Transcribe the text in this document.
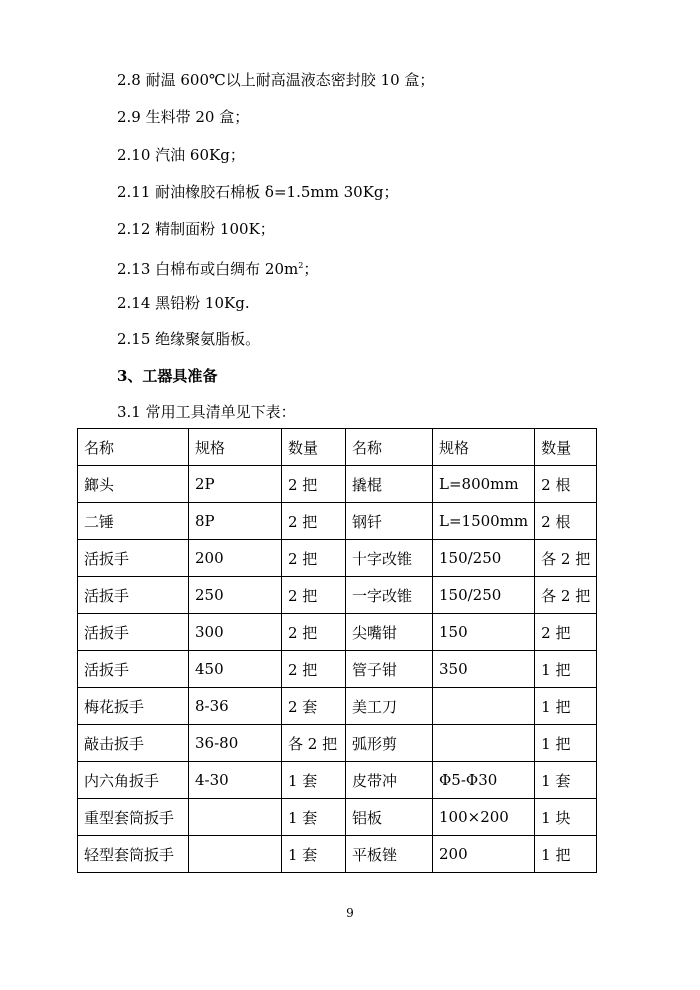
2.8 耐温 600℃以上耐高温液态密封胶 10 盒；
2.9 生料带 20 盒；
2.10 汽油 60Kg；
2.11 耐油橡胶石棉板 δ=1.5mm 30Kg；
2.12 精制面粉 100K；
2.13 白棉布或白绸布 $20m^2$；
2.14 黑铅粉 10Kg.
2.15 绝缘聚氨脂板。
3、工器具准备
3.1 常用工具清单见下表：
名称	规格	数量	名称	规格	数量
鎯头	2P	2 把	撬棍	L=800mm	2 根
二锤	8P	2 把	钢钎	L=1500mm	2 根
活扳手	200	2 把	十字改锥	150/250	各 2 把
活扳手	250	2 把	一字改锥	150/250	各 2 把
活扳手	300	2 把	尖嘴钳	150	2 把
活扳手	450	2 把	管子钳	350	1 把
梅花扳手	8-36	2 套	美工刀		1 把
敲击扳手	36-80	各 2 把	弧形剪		1 把
内六角扳手	4-30	1 套	皮带冲	Φ5-Φ30	1 套
重型套筒扳手		1 套	铝板	100×200	1 块
轻型套筒扳手		1 套	平板锉	200	1 把
9
